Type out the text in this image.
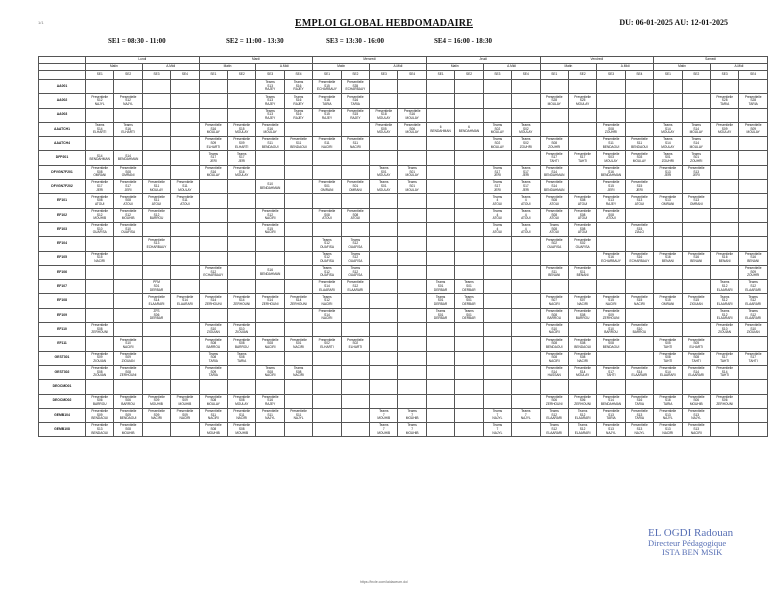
1/1	EMPLOI GLOBAL HEBDOMADAIRE	DU: 06-01-2025 AU: 12-01-2025
SE1 = 08:30 - 11:00	SE2 = 11:00 - 13:30	SE3 = 13:30 - 16:00	SE4 = 16:00 - 18:30
	Lundi				Mardi				Mercredi				Jeudi				Vendredi				Samedi			
	Matin		A.Midi		Matin		A.Midi		Matin		A.Midi		Matin		A.Midi		Matin		A.Midi		Matin		A.Midi	
	SE1	SE2	SE3	SE4	SE1	SE2	SE3	SE4	SE1	SE2	SE3	SE4	SE1	SE2	SE3	SE4	SE1	SE2	SE3	SE4	SE1	SE2	SE3	SE4
AA001							Teams
S13
RAJEY	Teams
S16
RAJEY	Presentielle
S15
ECHARBAUY	Presentielle
S35
ECHARBAUY														

AA002	Presentielle
S12
NAJYL	Presentielle
S12
NAJYL					Teams
S13
RAJEY	Teams
S16
RAJEY	Presentielle
S16
TARIA	Presentielle
S16
TARIA							Presentielle
S28
MOULAY	Presentielle
S25
MOULAY					Presentielle
S28
TARIA	Presentielle
S28
TARIA

AA003							Teams
S13
RAJEY	Teams
S16
RAJEY	Presentielle
S15
RAJEY	Presentielle
S15
RAJEY	Presentielle
S18
MOULAY	Presentielle
S16
MOULAY												

AAATCH1	Teams
S14
ELHARTI	Teams
S16
ELHARTI			Presentielle
S16
MOULAY	Presentielle
S15
MOULAY	Presentielle
S16
MOULAY				Presentielle
S05
MOULAY	Presentielle
S06
MOULAY	6
BENDAHMAN	6
BENDAHMAN	Teams
S02
MOULAY	Teams
S02
MOULAY			Presentielle
S08
ZOUHRI		Teams
S14
MOULAY	Teams
S14
MOULAY	Presentielle
S09
MOULAY	Presentielle
S09
MOULAY

AAATCH4					Presentielle
S09
ELHARTI	Presentielle
S09
ELHARTI	Presentielle
S11
BENDAOUI	Presentielle
S11
BENDAOUI	Presentielle
S11
NACIRI	Presentielle
S11
NACIRI					Teams
S02
MOULAY	Teams
S02
ZOUHRI	Presentielle
S08
ZOUHRI		Presentielle
S11
BENDAOUI	Presentielle
S11
BENDAOUI	Teams
S14
MOULAY	Teams
S14
MOULAY		

DFP201	S14
BENDAHMAN	S14
BENDAHMAN			Teams
S17
JERI	Teams
S17
JERI											Presentielle
S17
TAHTI	Presentielle
S17
TAHTI	Presentielle
S03
MOULAY	Presentielle
S03
MOULAY	Teams
S01
ZOUHRI	Teams
S01
ZOUHRI		

DFVGN7F201	Presentielle
S08
OMRANI	Presentielle
S08
OMRANI			Presentielle
S16
MOULAY	Presentielle
S16
MOULAY					Teams
S01
MOULAY	Teams
S01
MOULAY			Teams
S17
JERI	Teams
S17
JERI	Presentielle
S14
BENDAHMAN		Presentielle
S16
BENDAHMAN		Presentielle
S13
JERI	Presentielle
S13
JERI		

DFVGN7F202	Presentielle
S17
JERI	Presentielle
S17
JERI	Presentielle
S11
MOULAY	Presentielle
S11
MOULAY			S10
BENDAHMAN		Presentielle
S01
OMRANI	Presentielle
S01
OMRANI	Teams
S01
MOULAY	Teams
S01
MOULAY			Teams
S17
JERI	Teams
S17
JERI	Presentielle
S14
BENDAHMAN		Presentielle
S15
JERI	Presentielle
S15
JERI				

EF101	Presentielle
S08
ATOUI	Presentielle
S08
ATOUI	Presentielle
S11
ATOUI	Presentielle
S11
ATOUI											Teams
4
ATOUI	Teams
4
ATOUI	Presentielle
S08
ATOUI	Presentielle
S08
ATOUI	Presentielle
S13
RAJEY	Presentielle
S13
ATOUI	Presentielle
S13
OMRANI	Presentielle
S13
OMRANI		

EF102	Presentielle
S12
MOUHIB	Presentielle
S12
MOUHIB	Presentielle
S12
BARROU				Presentielle
S12
NACIRI		Presentielle
S08
ATOUI	Presentielle
S08
ATOUI					Teams
4
ATOUI	Teams
4
ATOUI	Presentielle
S08
ATOUI	Presentielle
S08
ATOUI	Presentielle
S08
ATOUI					

EF103	Presentielle
S10
OUAFISA	Presentielle
S10
OUAFISA					Presentielle
S15
NACIRI								Teams
4
ATOUI	Teams
4
ATOUI	Teams
S08
ATOUI	Presentielle
S08
ATOUI		Presentielle
S15
ZIALO				

EF104			Presentielle
S13
ECHARBAUY						Teams
S12
OUAFISA	Teams
S12
OUAFISA							Presentielle
S02
OUAFISA	Presentielle
S02
OUAFISA						

EF105	Presentielle
S15
NACIRI								Teams
S12
OUAFISA	Teams
S12
OUAFISA									Presentielle
S16
ECHARBAUY	Presentielle
S16
ECHARBAUY	Presentielle
S16
BENANI	Presentielle
S16
BENANI	Presentielle
S16
BENANI	Presentielle
S16
BENANI

EF106					Presentielle
S12
ECHARBAUY		S16
BENDAHMAN		Teams
S12
OUAFISA	Teams
S12
OUAFISA							Presentielle
S11
BENANI	Presentielle
S11
BENANI						Presentielle
S09
ZOUHRI

EF107			PFM
S01
DERBAR						Presentielle
S14
ELAARARI	Presentielle
S12
ELAARARI			Teams
S01
DERBAR	Teams
S01
DERBAR									Teams
S12
ELAARARI	Teams
S12
ELAARARI

EF108			Presentielle
S14
ELAARARI	Presentielle
S14
ELAARARI	Presentielle
S14
ZERHOUNI	Presentielle
S14
ZERHOUNI	Presentielle
S14
ZERHOUNI	Presentielle
S14
ZERHOUNI	Teams
S12
NACIRI				Teams
S01
DERBAR	Teams
S01
DERBAR			Presentielle
S07
NACIRI	Presentielle
S07
NACIRI	Presentielle
S15
NACIRI	Presentielle
S15
NACIRI	Presentielle
S15
OMRANI	Presentielle
S15
ZIOUIAN	Teams
S12
ELAARARI	Teams
S12
ELAARARI

EF109			ZFS
S06
DERBAR						Presentielle
S14
NACIRI				Teams
S01
DERBAR	Teams
S01
DERBAR			Presentielle
S08
BARROU	Presentielle
S08
BARROU	Presentielle
S09
ZERHOUNI				Teams
S12
ELAARARI	Teams
S12
ELAARARI

EF110	Presentielle
S08
ZERHOUNI				Presentielle
S10
ZIOUIAN	Presentielle
S10
ZIOUIAN											Presentielle
S10
NACIRI		Presentielle
S10
BARROU	Presentielle
S10
BARROU			Presentielle
S10
ZIOUIAN	Presentielle
S10
ZIOUIAN

EF111		Presentielle
S10
NACIRI			Presentielle
S08
BARROU	Presentielle
S08
BARROU	Presentielle
S08
NACIRI	Presentielle
S01
NACIRI	Presentielle
S02
ELHARTI	Presentielle
S02
ELHARTI							Presentielle
S08
BENDAOUI	Presentielle
S08
BENDAOUI	Presentielle
S08
BENDAOUI		Presentielle
S05
TAHTI	Presentielle
S05
ELHARTI		

GEST301	Presentielle
S09
ZIOUIAN	Presentielle
S09
ZIOUIAN			Teams
S08
TARIA	Teams
S08
TARIA											Presentielle
S08
NACIRI	Presentielle
S08
NACIRI			Presentielle
S08
TAHTI	Presentielle
S08
TAHTI	Presentielle
S17
TAHTI	Presentielle
S17
TAHTI

GEST302	Presentielle
S08
ZIOUIAN	Presentielle
S08
ZERHOUNI			Presentielle
S09
TARIA		Teams
S08
NACIRI	Teams
S08
NACIRI									Presentielle
S14
HASSAN	Presentielle
S14
MOULAY	Presentielle
S17
TAHTI	Presentielle
S14
ELAARARI	Presentielle
S14
ELAARARI	Presentielle
S14
ELAARARI	Presentielle
S14
TAHTI	

DEOCMD01																								
DEOCMD02	Presentielle
S06
BARROU	Presentielle
S06
BARROU	Presentielle
S09
MOUHIB	Presentielle
S09
MOUHIB	Presentielle
S08
MOULAY	Presentielle
S08
MOULAY	Presentielle
S16
RAJEY										Presentielle
S06
ZERHOUNI	Presentielle
S06
ZERHOUNI	Presentielle
S14
BENDAHMAN	Presentielle
S16
TARIA	Presentielle
S16
TARIA	Presentielle
S06
MOUHIB	Presentielle
S06
ZERHOUNI	

GEMB104	Presentielle
S09
BENDAOUI	Presentielle
S09
BENDAOUI	Presentielle
S09
NACIRI	Presentielle
S09
NACIRI	Presentielle
S11
NACIRI	Presentielle
S11
NACIRI	Presentielle
S11
NAJYL	Presentielle
S11
NAJYL			Teams
7
MOUHIB	Teams
7
MOUHIB			Teams
7
NAJYL	Teams
7
NAJYL	Teams
S12
ELAARARI	Teams
S12
ELAARARI	Presentielle
S13
TARIA	Presentielle
S13
TARIA	Presentielle
S13
NAJYL	Presentielle
S13
NAJYL		

GEMB108	Presentielle
S13
BENDAOUI	Presentielle
S08
MOUHIB			Presentielle
S08
MOUHIB	Presentielle
S08
MOUHIB					Teams
7
MOUHIB	Teams
7
MOUHIB			Teams
7
NAJYL		Teams
S12
ELAARARI	Teams
S12
ELAARARI	Presentielle
S13
NAJYL	Presentielle
S13
NAJYL	Presentielle
S13
NACIRI	Presentielle
S13
NACIRI		

https://lncle.com/iaidaceum.do/
EL OGDI Radouan
Directeur Pédagogique
ISTA BEN MSIK
